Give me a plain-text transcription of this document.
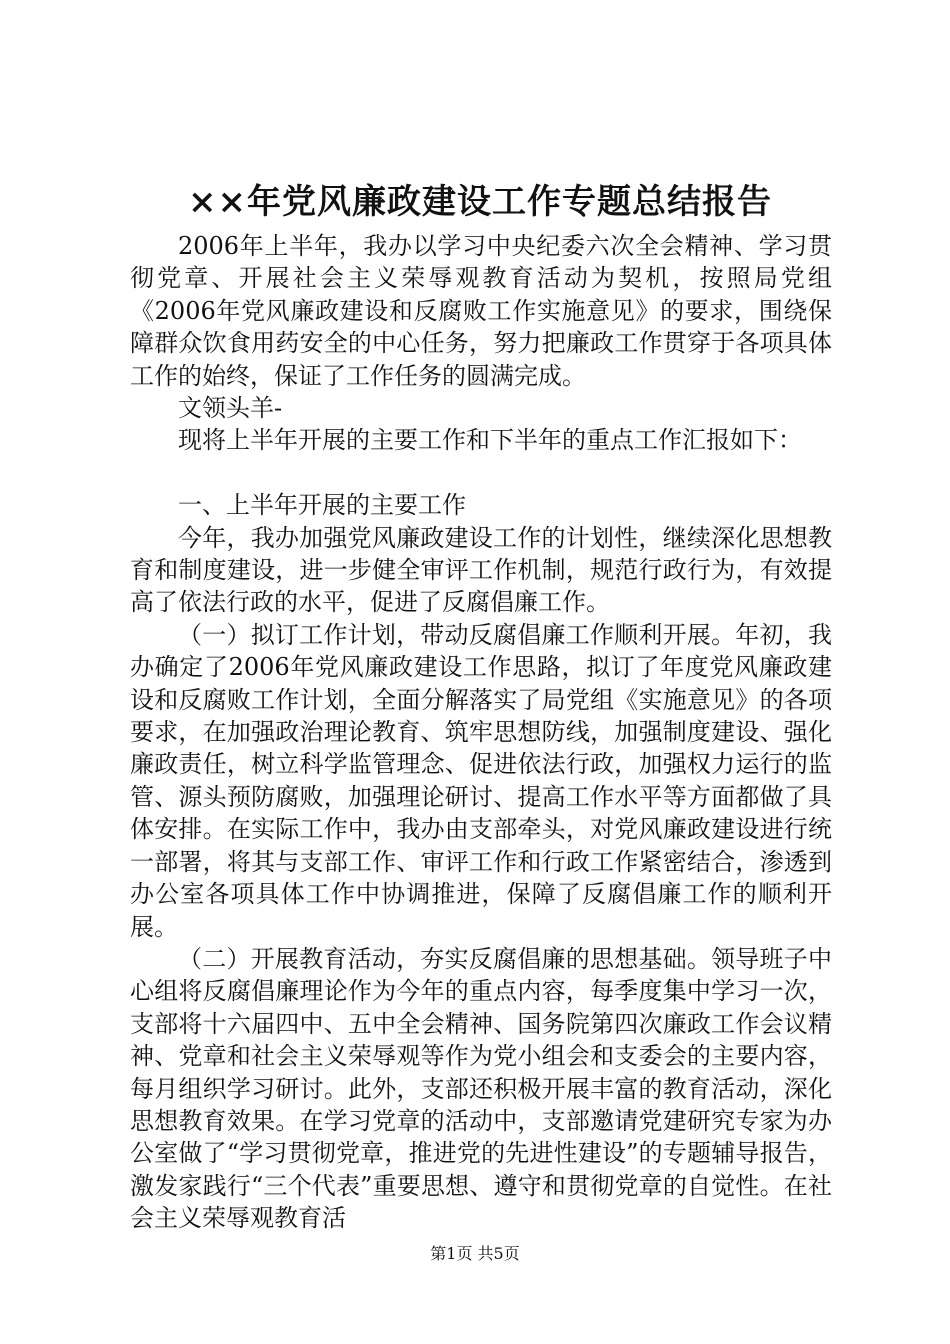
××年党风廉政建设工作专题总结报告

2006年上半年，我办以学习中央纪委六次全会精神、学习贯彻党章、开展社会主义荣辱观教育活动为契机，按照局党组《2006年党风廉政建设和反腐败工作实施意见》的要求，围绕保障群众饮食用药安全的中心任务，努力把廉政工作贯穿于各项具体工作的始终，保证了工作任务的圆满完成。

文领头羊-

现将上半年开展的主要工作和下半年的重点工作汇报如下：

一、上半年开展的主要工作

今年，我办加强党风廉政建设工作的计划性，继续深化思想教育和制度建设，进一步健全审评工作机制，规范行政行为，有效提高了依法行政的水平，促进了反腐倡廉工作。

（一）拟订工作计划，带动反腐倡廉工作顺利开展。年初，我办确定了2006年党风廉政建设工作思路，拟订了年度党风廉政建设和反腐败工作计划，全面分解落实了局党组《实施意见》的各项要求，在加强政治理论教育、筑牢思想防线，加强制度建设、强化廉政责任，树立科学监管理念、促进依法行政，加强权力运行的监管、源头预防腐败，加强理论研讨、提高工作水平等方面都做了具体安排。在实际工作中，我办由支部牵头，对党风廉政建设进行统一部署，将其与支部工作、审评工作和行政工作紧密结合，渗透到办公室各项具体工作中协调推进，保障了反腐倡廉工作的顺利开展。

（二）开展教育活动，夯实反腐倡廉的思想基础。领导班子中心组将反腐倡廉理论作为今年的重点内容，每季度集中学习一次，支部将十六届四中、五中全会精神、国务院第四次廉政工作会议精神、党章和社会主义荣辱观等作为党小组会和支委会的主要内容，每月组织学习研讨。此外，支部还积极开展丰富的教育活动，深化思想教育效果。在学习党章的活动中，支部邀请党建研究专家为办公室做了“学习贯彻党章，推进党的先进性建设”的专题辅导报告，激发家践行“三个代表”重要思想、遵守和贯彻党章的自觉性。在社会主义荣辱观教育活

第1页 共5页
